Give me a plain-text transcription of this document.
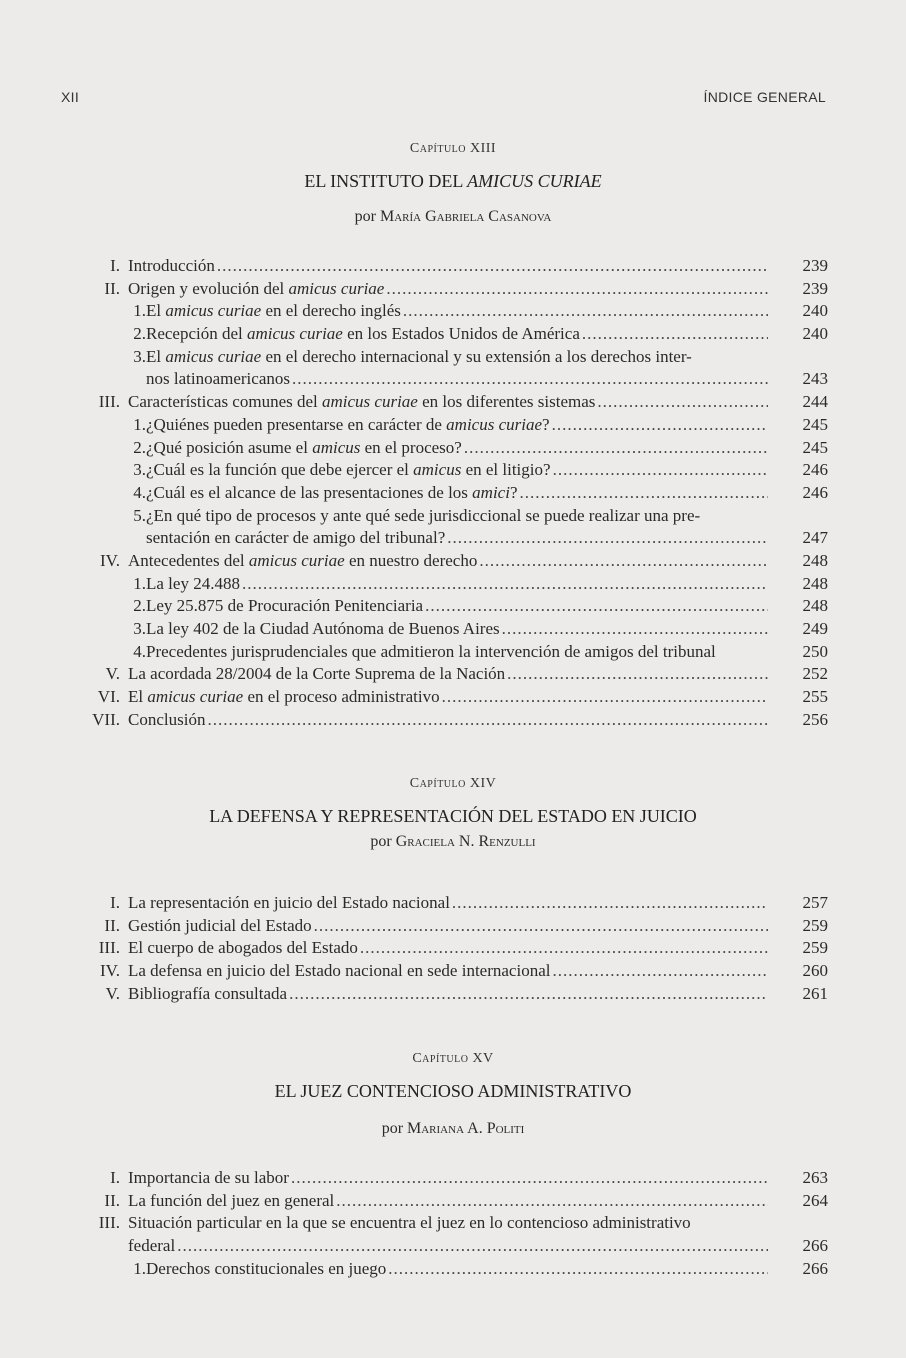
XII	ÍNDICE GENERAL
Capítulo XIII
EL INSTITUTO DEL AMICUS CURIAE
por María Gabriela Casanova
I. Introducción .....	239
II. Origen y evolución del amicus curiae .....	239
1. El amicus curiae en el derecho inglés .....	240
2. Recepción del amicus curiae en los Estados Unidos de América .....	240
3. El amicus curiae en el derecho internacional y su extensión a los derechos inter-
nos latinoamericanos .....	243
III. Características comunes del amicus curiae en los diferentes sistemas .....	244
1. ¿Quiénes pueden presentarse en carácter de amicus curiae? .....	245
2. ¿Qué posición asume el amicus en el proceso? .....	245
3. ¿Cuál es la función que debe ejercer el amicus en el litigio? .....	246
4. ¿Cuál es el alcance de las presentaciones de los amici? .....	246
5. ¿En qué tipo de procesos y ante qué sede jurisdiccional se puede realizar una pre-
sentación en carácter de amigo del tribunal? .....	247
IV. Antecedentes del amicus curiae en nuestro derecho .....	248
1. La ley 24.488 .....	248
2. Ley 25.875 de Procuración Penitenciaria .....	248
3. La ley 402 de la Ciudad Autónoma de Buenos Aires .....	249
4. Precedentes jurisprudenciales que admitieron la intervención de amigos del tribunal	250
V. La acordada 28/2004 de la Corte Suprema de la Nación .....	252
VI. El amicus curiae en el proceso administrativo .....	255
VII. Conclusión .....	256
Capítulo XIV
LA DEFENSA Y REPRESENTACIÓN DEL ESTADO EN JUICIO
por Graciela N. Renzulli
I. La representación en juicio del Estado nacional .....	257
II. Gestión judicial del Estado .....	259
III. El cuerpo de abogados del Estado .....	259
IV. La defensa en juicio del Estado nacional en sede internacional .....	260
V. Bibliografía consultada .....	261
Capítulo XV
EL JUEZ CONTENCIOSO ADMINISTRATIVO
por Mariana A. Politi
I. Importancia de su labor .....	263
II. La función del juez en general .....	264
III. Situación particular en la que se encuentra el juez en lo contencioso administrativo
federal .....	266
1. Derechos constitucionales en juego .....	266
